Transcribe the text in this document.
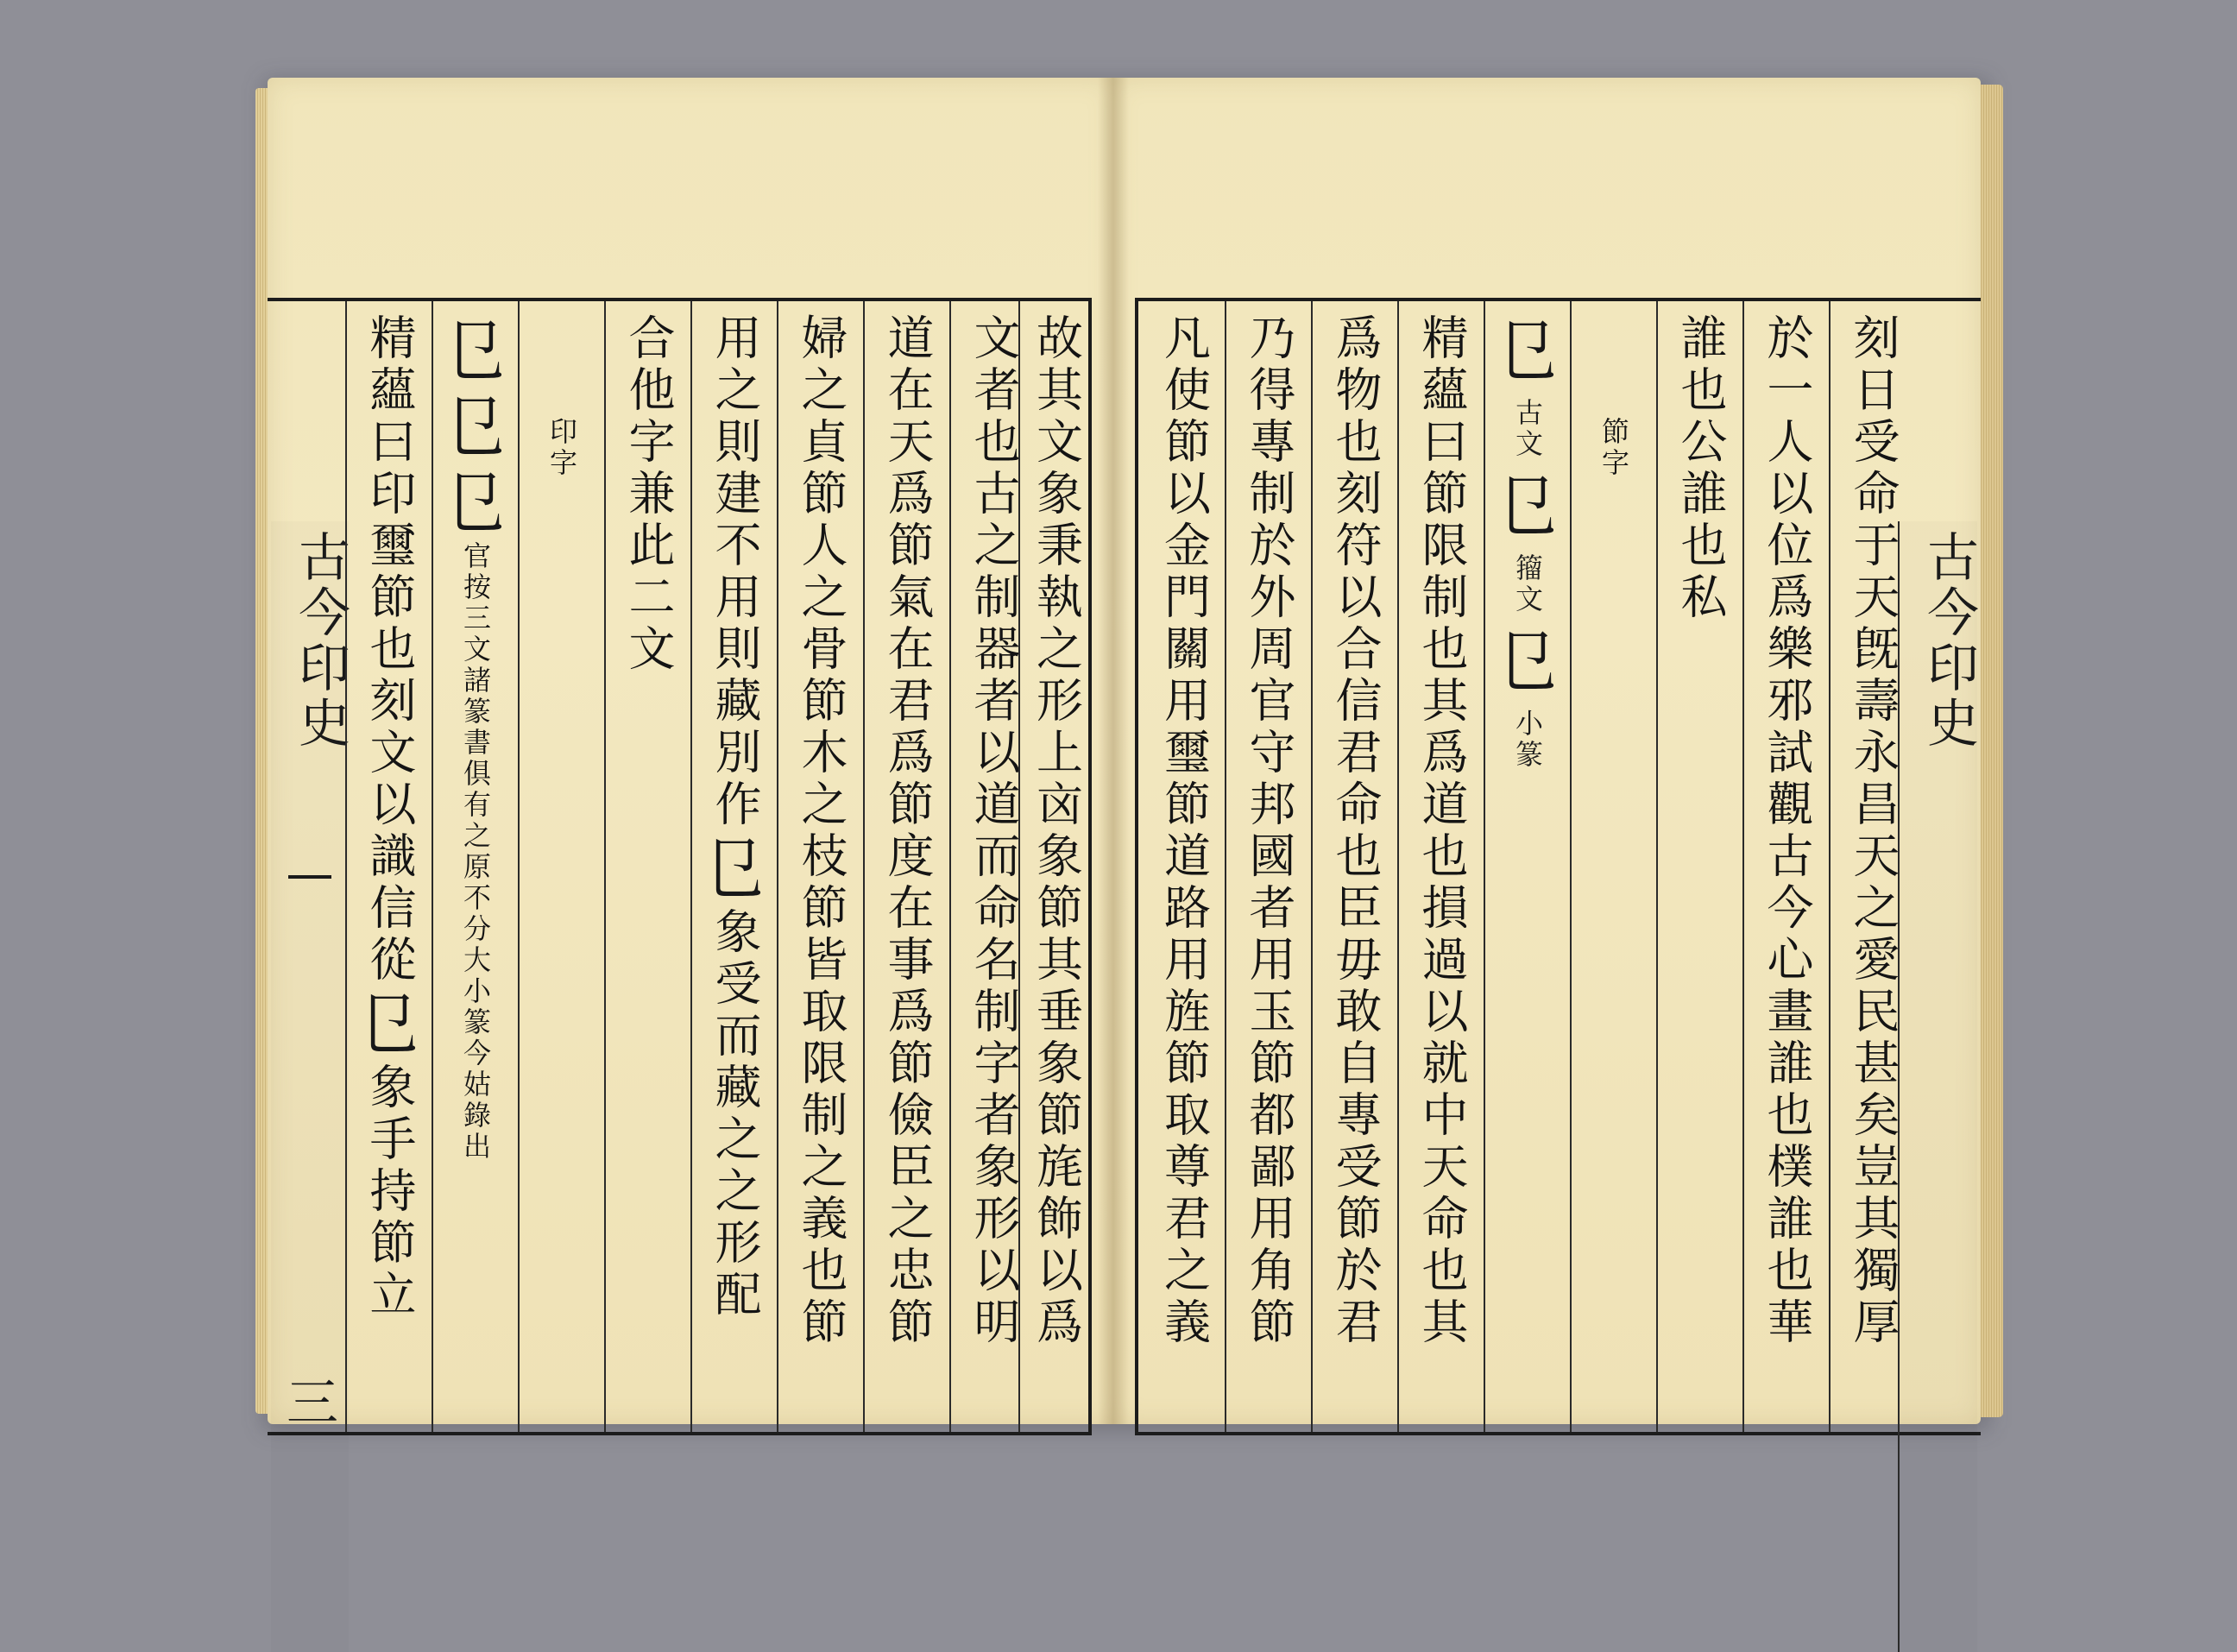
古今印史
三
精蘊曰印璽節也刻文以識信從
㔾
象手持節立
㔾
㔾
㔾
官按三文諸篆書俱有之原不分大小篆今姑錄出
印字 合他字兼此二文 用之則建不用則藏別作
㔾
象受而藏之之形配 婦之貞節人之骨節木之枝節皆取限制之義也節 道在天爲節氣在君爲節度在事爲節儉臣之忠節 文者也古之制器者以道而命名制字者象形以明 故其文象秉執之形上㐫象節其垂象節旄飾以爲 凡使節以金門關用璽節道路用旌節取尊君之義 乃得專制於外周官守邦國者用玉節都鄙用角節 爲物也刻符以合信君命也臣毋敢自專受節於君 精蘊曰節限制也其爲道也損過以就中天命也其 㔾
古文
㔾
籀文
㔾
小篆
節字 誰也公誰也私 於一人以位爲樂邪試觀古今心畫誰也樸誰也華 刻日受命于天旣壽永昌天之愛民甚矣豈其獨厚 古今印史
